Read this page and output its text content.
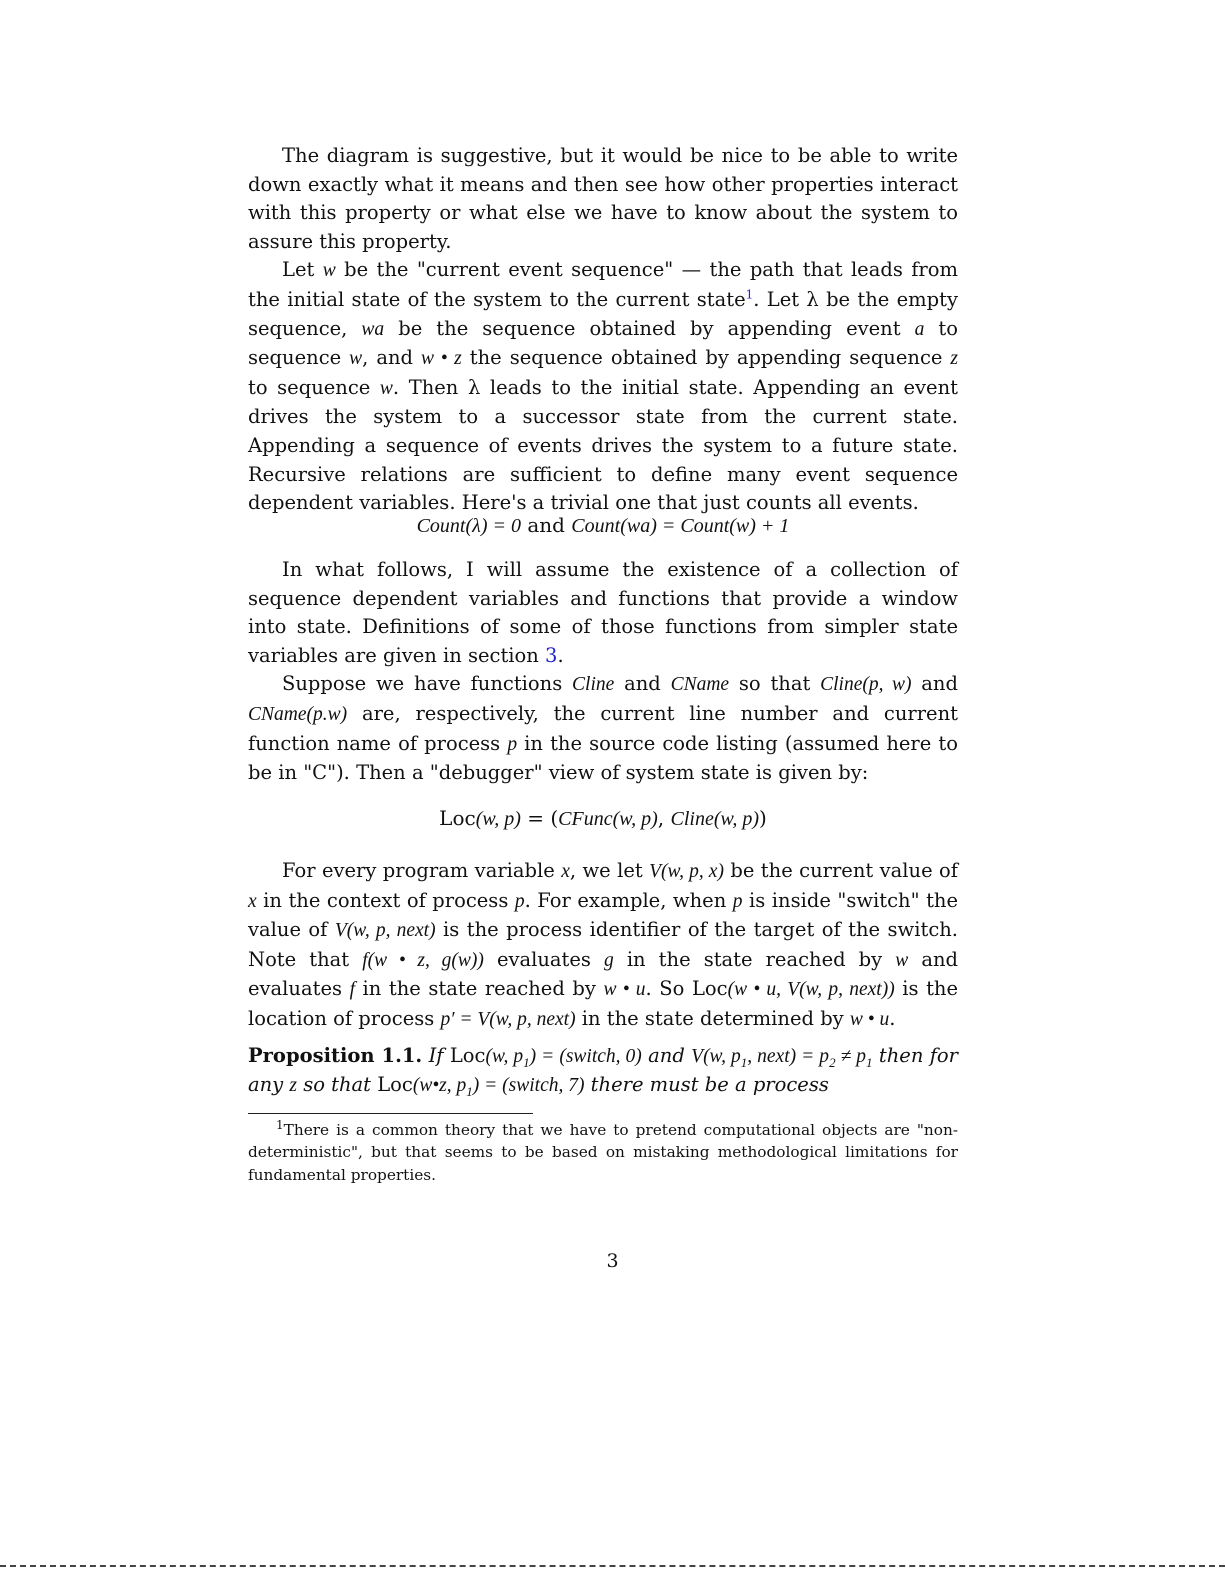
The diagram is suggestive, but it would be nice to be able to write down exactly what it means and then see how other properties interact with this property or what else we have to know about the system to assure this property.

Let w be the "current event sequence" — the path that leads from the initial state of the system to the current state$^1$. Let λ be the empty sequence, wa be the sequence obtained by appending event a to sequence w, and w • z the sequence obtained by appending sequence z to sequence w. Then λ leads to the initial state. Appending an event drives the system to a successor state from the current state. Appending a sequence of events drives the system to a future state. Recursive relations are sufficient to define many event sequence dependent variables. Here's a trivial one that just counts all events.

Count(λ) = 0 and Count(wa) = Count(w) + 1

In what follows, I will assume the existence of a collection of sequence dependent variables and functions that provide a window into state. Definitions of some of those functions from simpler state variables are given in section 3.

Suppose we have functions Cline and CName so that Cline(p, w) and CName(p.w) are, respectively, the current line number and current function name of process p in the source code listing (assumed here to be in "C"). Then a "debugger" view of system state is given by:

Loc(w, p) = (CFunc(w, p), Cline(w, p))

For every program variable x, we let V(w, p, x) be the current value of x in the context of process p. For example, when p is inside "switch" the value of V(w, p, next) is the process identifier of the target of the switch. Note that f(w • z, g(w)) evaluates g in the state reached by w and evaluates f in the state reached by w • u. So Loc(w • u, V(w, p, next)) is the location of process p′ = V(w, p, next) in the state determined by w • u.

Proposition 1.1. If Loc(w, $p_1$) = (switch, 0) and V(w, $p_1$, next) = $p_2 \ne p_1$ then for any z so that Loc(w•z, $p_1$) = (switch, 7) there must be a process

$^1$There is a common theory that we have to pretend computational objects are "non-deterministic", but that seems to be based on mistaking methodological limitations for fundamental properties.
3
